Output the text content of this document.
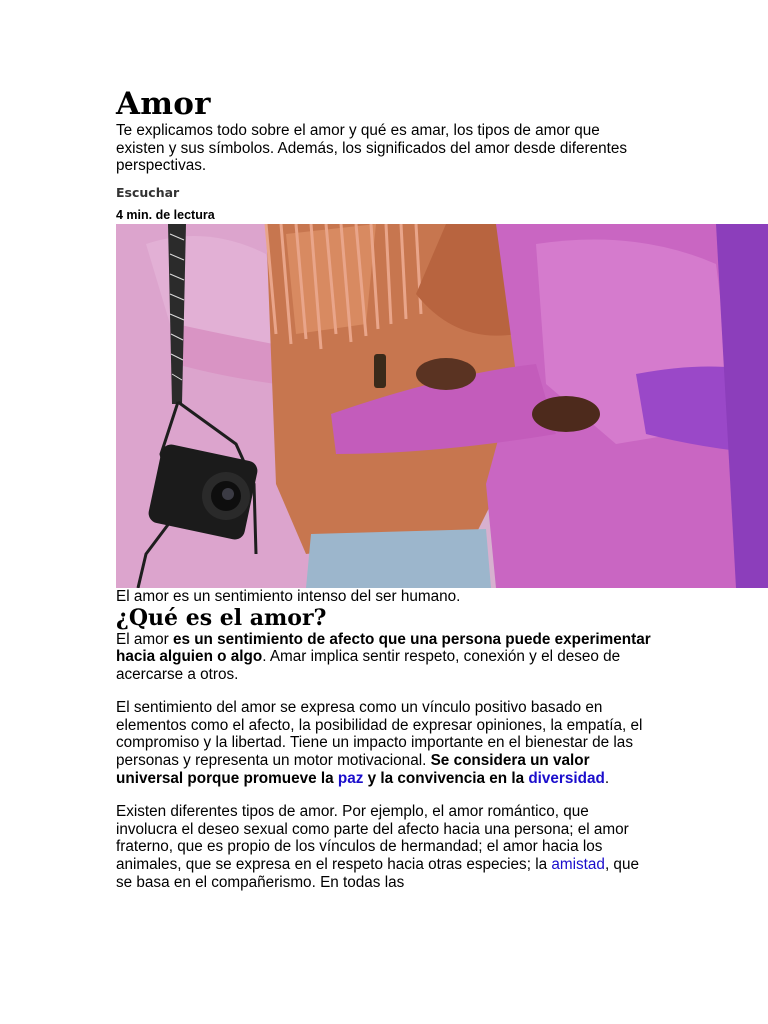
Amor

Te explicamos todo sobre el amor y qué es amar, los tipos de amor que existen y sus símbolos. Además, los significados del amor desde diferentes perspectivas.

Escuchar
4 min. de lectura

El amor es un sentimiento intenso del ser humano.

¿Qué es el amor?

El amor es un sentimiento de afecto que una persona puede experimentar hacia alguien o algo. Amar implica sentir respeto, conexión y el deseo de acercarse a otros.

El sentimiento del amor se expresa como un vínculo positivo basado en elementos como el afecto, la posibilidad de expresar opiniones, la empatía, el compromiso y la libertad. Tiene un impacto importante en el bienestar de las personas y representa un motor motivacional. Se considera un valor universal porque promueve la paz y la convivencia en la diversidad.

Existen diferentes tipos de amor. Por ejemplo, el amor romántico, que involucra el deseo sexual como parte del afecto hacia una persona; el amor fraterno, que es propio de los vínculos de hermandad; el amor hacia los animales, que se expresa en el respeto hacia otras especies; la amistad, que se basa en el compañerismo. En todas las
